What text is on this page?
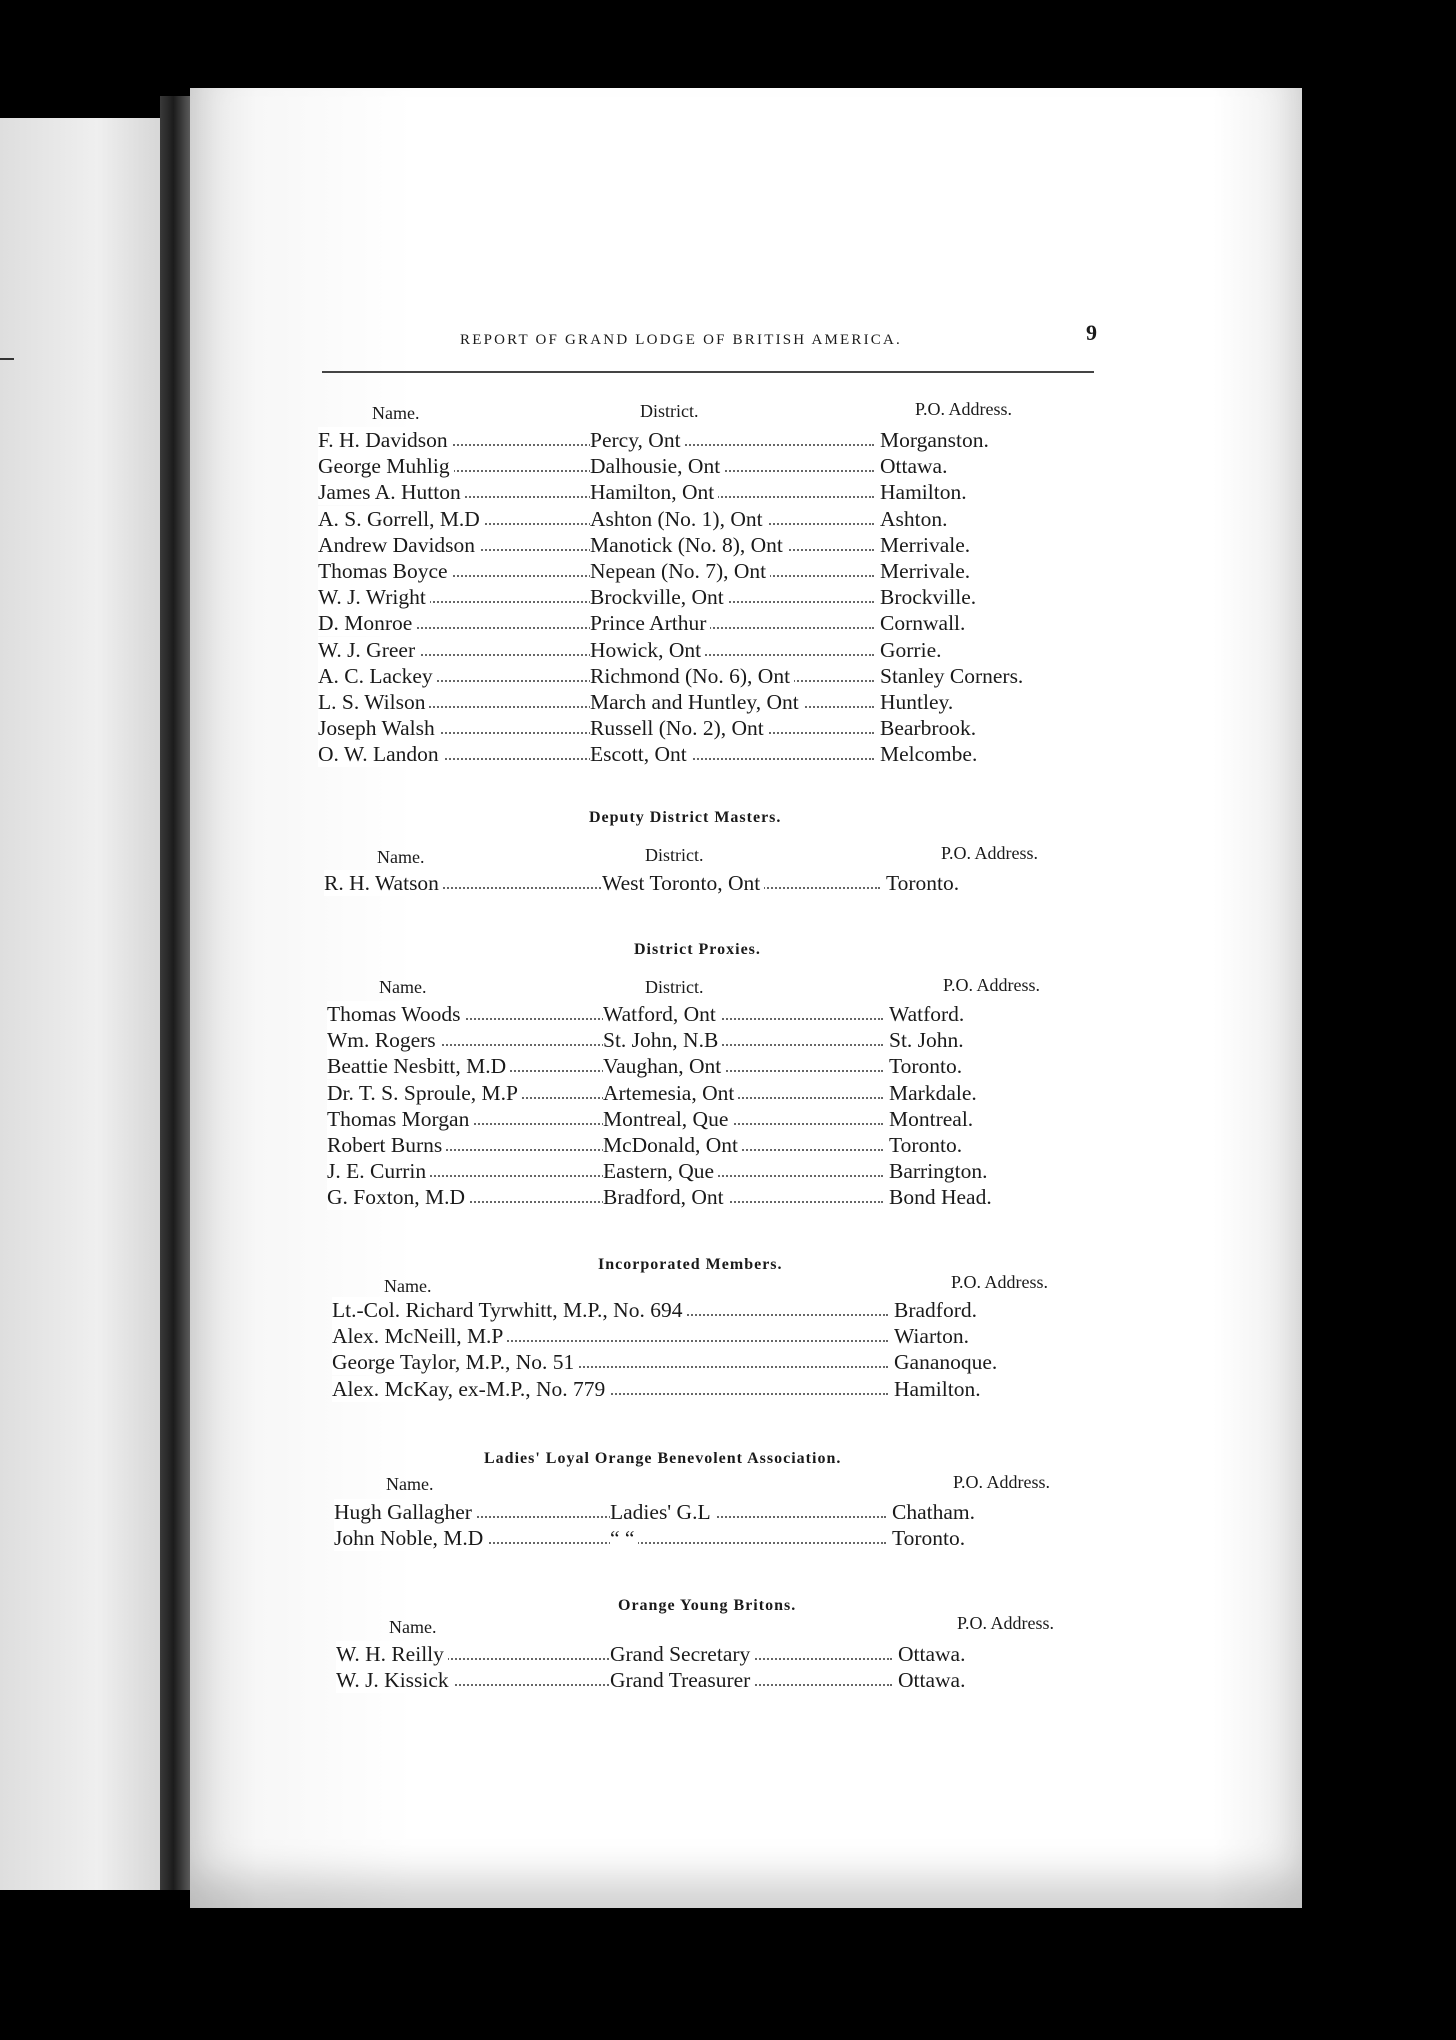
REPORT OF GRAND LODGE OF BRITISH AMERICA.	9
Name.	District.	P.O. Address.
F. H. Davidson	Percy, Ont	Morganston.
George Muhlig	Dalhousie, Ont	Ottawa.
James A. Hutton	Hamilton, Ont	Hamilton.
A. S. Gorrell, M.D	Ashton (No. 1), Ont	Ashton.
Andrew Davidson	Manotick (No. 8), Ont	Merrivale.
Thomas Boyce	Nepean (No. 7), Ont	Merrivale.
W. J. Wright	Brockville, Ont	Brockville.
D. Monroe	Prince Arthur	Cornwall.
W. J. Greer	Howick, Ont	Gorrie.
A. C. Lackey	Richmond (No. 6), Ont	Stanley Corners.
L. S. Wilson	March and Huntley, Ont	Huntley.
Joseph Walsh	Russell (No. 2), Ont	Bearbrook.
O. W. Landon	Escott, Ont	Melcombe.
Deputy District Masters.
Name.	District.	P.O. Address.
R. H. Watson	West Toronto, Ont	Toronto.
District Proxies.
Name.	District.	P.O. Address.
Thomas Woods	Watford, Ont	Watford.
Wm. Rogers	St. John, N.B	St. John.
Beattie Nesbitt, M.D	Vaughan, Ont	Toronto.
Dr. T. S. Sproule, M.P	Artemesia, Ont	Markdale.
Thomas Morgan	Montreal, Que	Montreal.
Robert Burns	McDonald, Ont	Toronto.
J. E. Currin	Eastern, Que	Barrington.
G. Foxton, M.D	Bradford, Ont	Bond Head.
Incorporated Members.
Name.	P.O. Address.
Lt.-Col. Richard Tyrwhitt, M.P., No. 694	Bradford.
Alex. McNeill, M.P	Wiarton.
George Taylor, M.P., No. 51	Gananoque.
Alex. McKay, ex-M.P., No. 779	Hamilton.
Ladies' Loyal Orange Benevolent Association.
Name.	P.O. Address.
Hugh Gallagher	Ladies' G.L	Chatham.
John Noble, M.D	“ “	Toronto.
Orange Young Britons.
Name.	P.O. Address.
W. H. Reilly	Grand Secretary	Ottawa.
W. J. Kissick	Grand Treasurer	Ottawa.
